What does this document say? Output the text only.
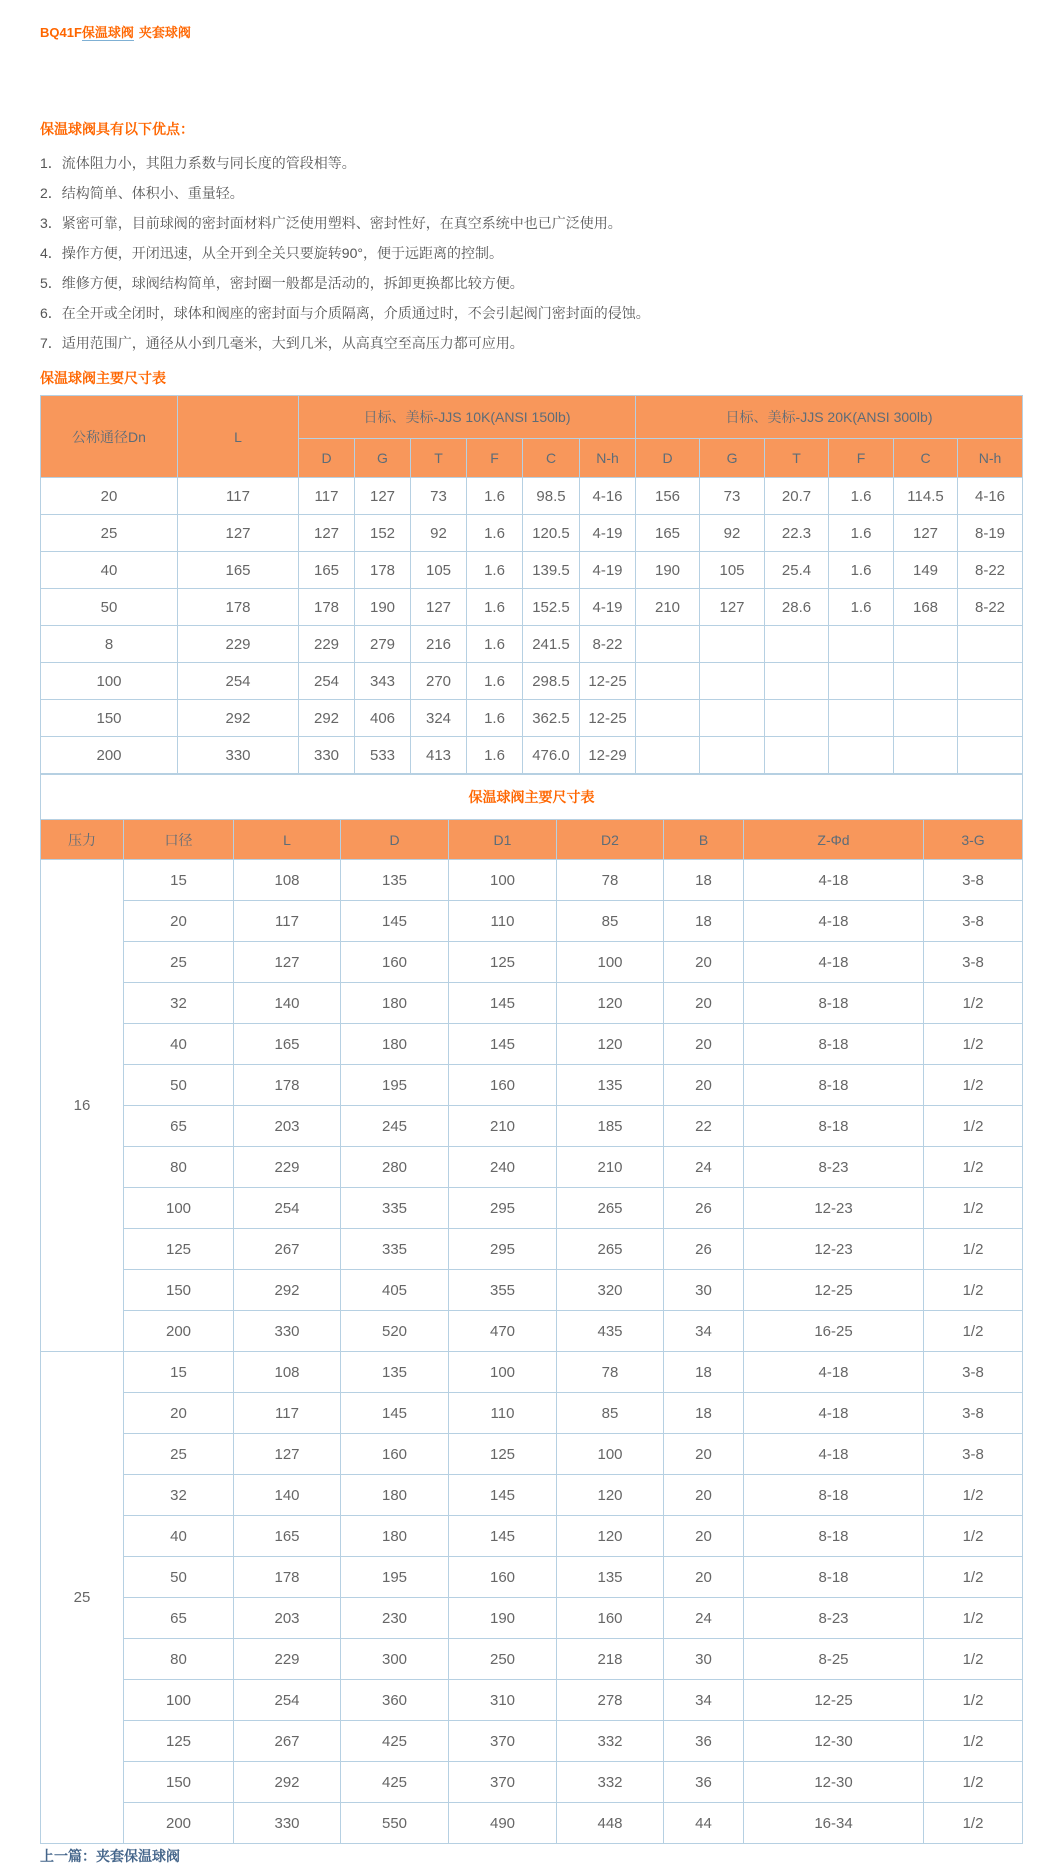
BQ41F保温球阀 夹套球阀
保温球阀具有以下优点：

1．流体阻力小，其阻力系数与同长度的管段相等。

2．结构简单、体积小、重量轻。

3．紧密可靠，目前球阀的密封面材料广泛使用塑料、密封性好，在真空系统中也已广泛使用。

4．操作方便，开闭迅速，从全开到全关只要旋转90°，便于远距离的控制。

5．维修方便，球阀结构简单，密封圈一般都是活动的，拆卸更换都比较方便。

6．在全开或全闭时，球体和阀座的密封面与介质隔离，介质通过时，不会引起阀门密封面的侵蚀。

7．适用范围广，通径从小到几毫米，大到几米，从高真空至高压力都可应用。

保温球阀主要尺寸表
公称通径Dn	L	日标、美标-JJS 10K(ANSI 150lb)						日标、美标-JJS 20K(ANSI 300lb)					
		D	G	T	F	C	N-h	D	G	T	F	C	N-h
20	117	117	127	73	1.6	98.5	4-16	156	73	20.7	1.6	114.5	4-16
25	127	127	152	92	1.6	120.5	4-19	165	92	22.3	1.6	127	8-19
40	165	165	178	105	1.6	139.5	4-19	190	105	25.4	1.6	149	8-22
50	178	178	190	127	1.6	152.5	4-19	210	127	28.6	1.6	168	8-22
8	229	229	279	216	1.6	241.5	8-22						
100	254	254	343	270	1.6	298.5	12-25						
150	292	292	406	324	1.6	362.5	12-25						
200	330	330	533	413	1.6	476.0	12-29						
保温球阀主要尺寸表								
压力	口径	L	D	D1	D2	B	Z-Φd	3-G
16	15	108	135	100	78	18	4-18	3-8
	20	117	145	110	85	18	4-18	3-8
	25	127	160	125	100	20	4-18	3-8
	32	140	180	145	120	20	8-18	1/2
	40	165	180	145	120	20	8-18	1/2
	50	178	195	160	135	20	8-18	1/2
	65	203	245	210	185	22	8-18	1/2
	80	229	280	240	210	24	8-23	1/2
	100	254	335	295	265	26	12-23	1/2
	125	267	335	295	265	26	12-23	1/2
	150	292	405	355	320	30	12-25	1/2
	200	330	520	470	435	34	16-25	1/2
25	15	108	135	100	78	18	4-18	3-8
	20	117	145	110	85	18	4-18	3-8
	25	127	160	125	100	20	4-18	3-8
	32	140	180	145	120	20	8-18	1/2
	40	165	180	145	120	20	8-18	1/2
	50	178	195	160	135	20	8-18	1/2
	65	203	230	190	160	24	8-23	1/2
	80	229	300	250	218	30	8-25	1/2
	100	254	360	310	278	34	12-25	1/2
	125	267	425	370	332	36	12-30	1/2
	150	292	425	370	332	36	12-30	1/2
	200	330	550	490	448	44	16-34	1/2
上一篇：夹套保温球阀
